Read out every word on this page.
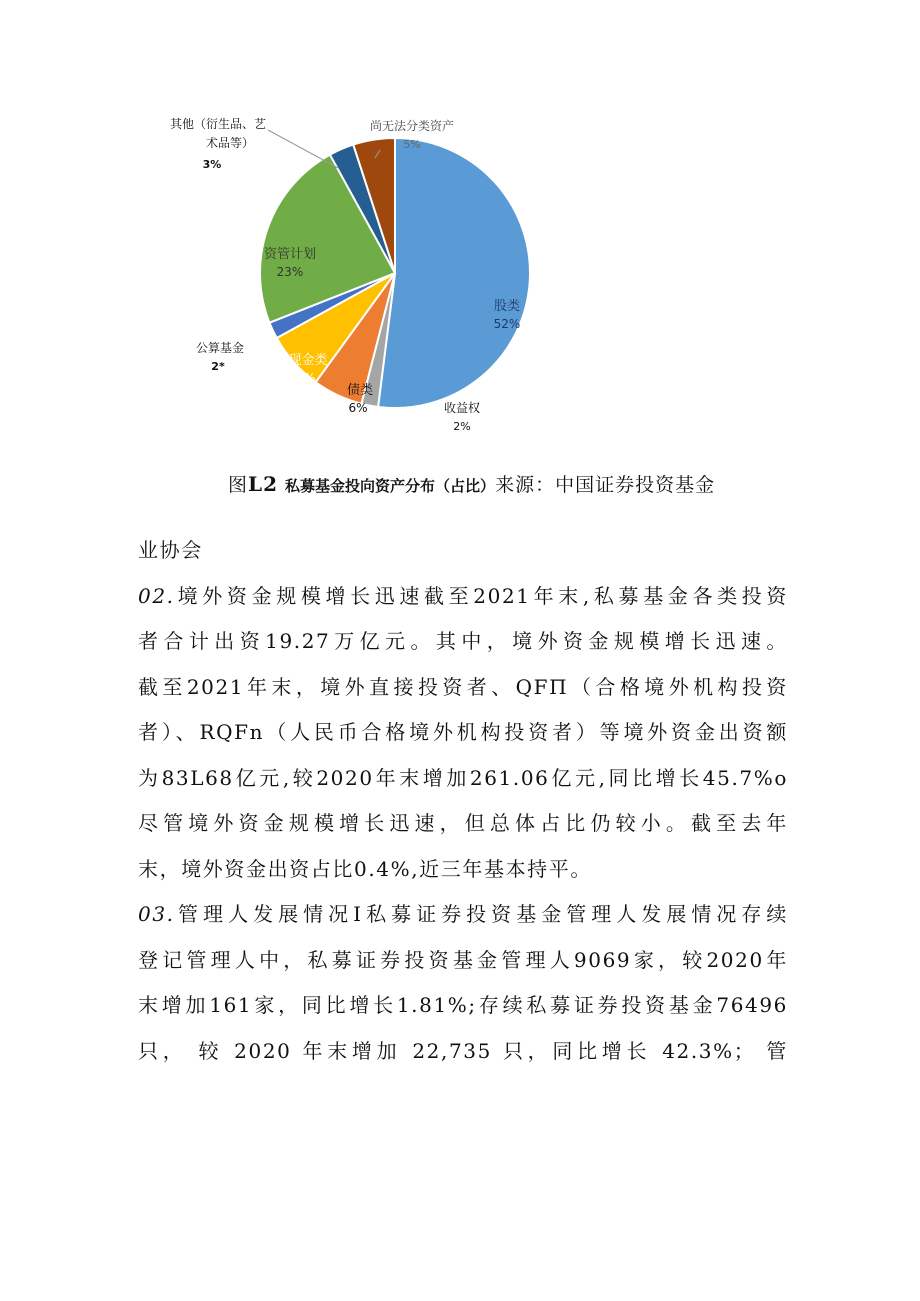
尚无法分类资产
5%
其他（衍生品、艺
术品等）
3%
资管计划
23%
公算基金
2*	现金类
7%
债类
6%
股类
52%
收益权
2%
图L2 私募基金投向资产分布（占比）来源：中国证券投资基金

业协会

02.境外资金规模增长迅速截至2021年末,私募基金各类投资

者合计出资19.27万亿元。其中，境外资金规模增长迅速。

截至2021年末，境外直接投资者、QFΠ（合格境外机构投资

者）、RQFn（人民币合格境外机构投资者）等境外资金出资额

为83L68亿元,较2020年末增加261.06亿元,同比增长45.7%o

尽管境外资金规模增长迅速，但总体占比仍较小。截至去年

末，境外资金出资占比0.4%,近三年基本持平。

03.管理人发展情况I私募证券投资基金管理人发展情况存续

登记管理人中，私募证券投资基金管理人9069家，较2020年

末增加161家，同比增长1.81%;存续私募证券投资基金76496

只， 较 2020 年末增加 22,735 只，同比增长 42.3%； 管
